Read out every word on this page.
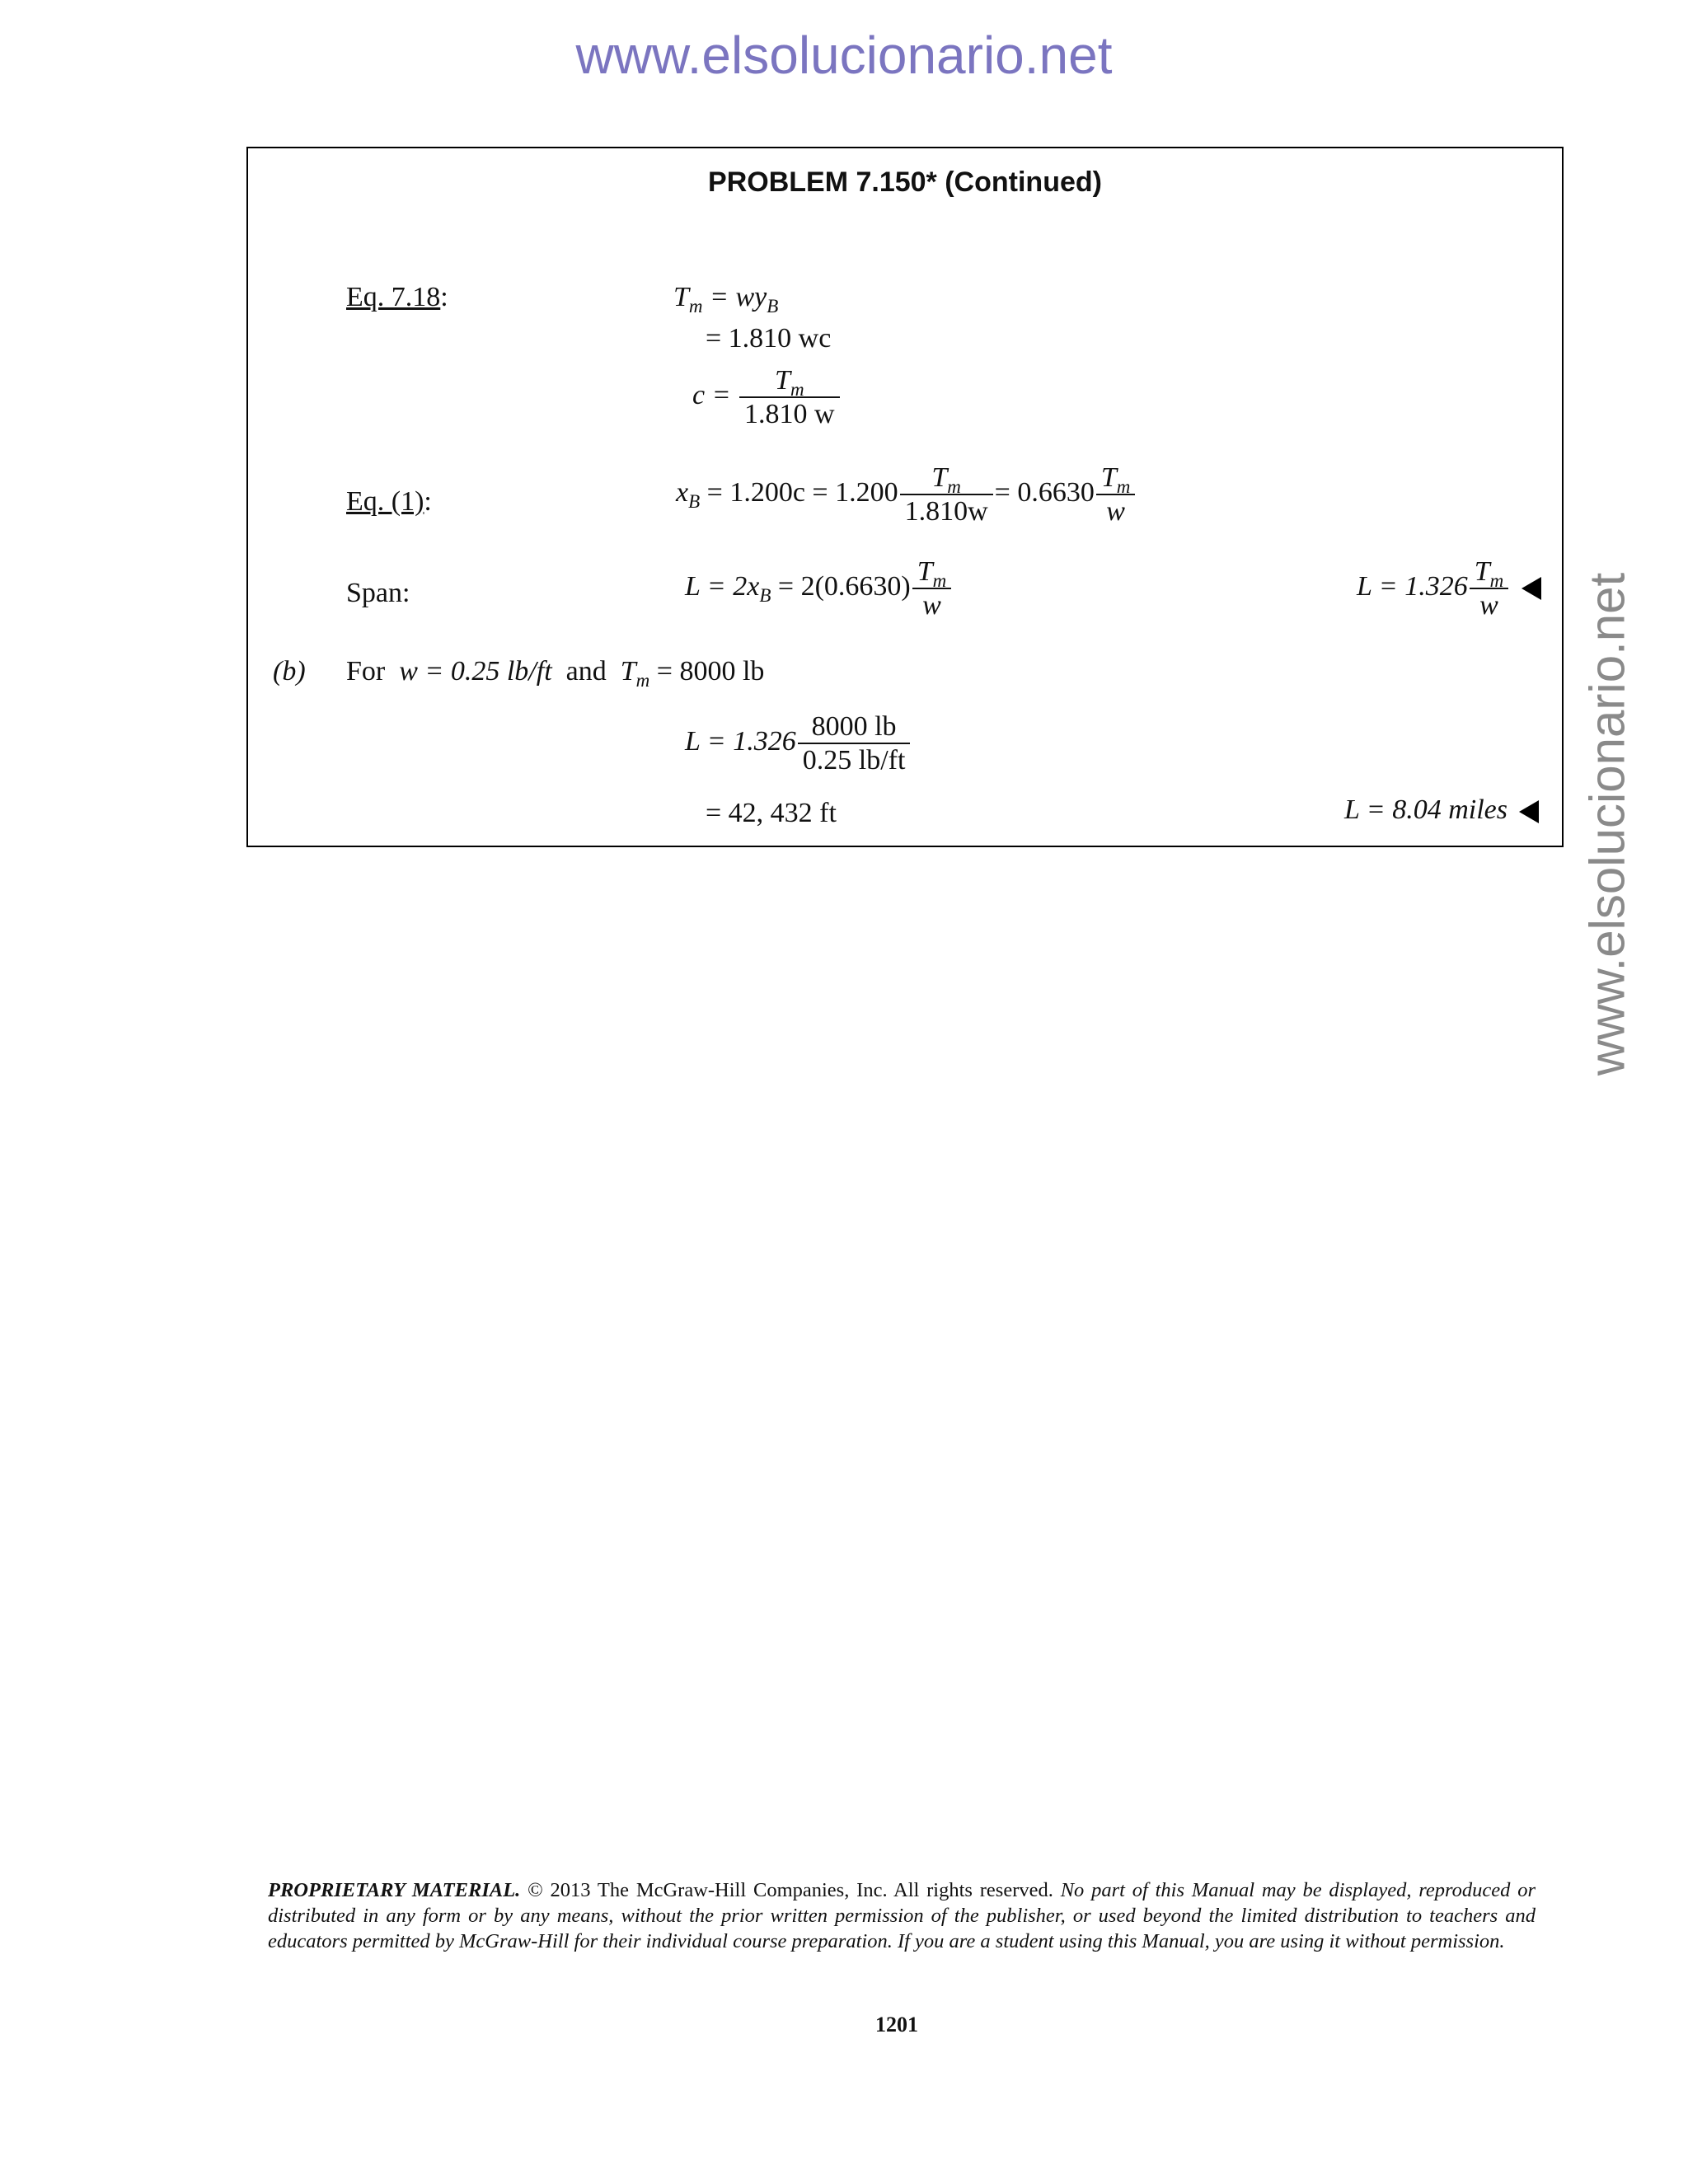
www.elsolucionario.net
www.elsolucionario.net
PROBLEM 7.150* (Continued)
Eq. 7.18:	$T_m = wy_B$
= 1.810 wc
$c = \frac{T_m}{1.810 w}$
Eq. (1):	$x_B = 1.200c = 1.200 \frac{T_m}{1.810w} = 0.6630 \frac{T_m}{w}$
Span:	$L = 2x_B = 2(0.6630) \frac{T_m}{w}$	$L = 1.326 \frac{T_m}{w}$
(b) For w = 0.25 lb/ft and $T_m = 8000$ lb
$L = 1.326 \frac{8000 lb}{0.25 lb/ft}$
= 42, 432 ft	L = 8.04 miles
PROPRIETARY MATERIAL. © 2013 The McGraw-Hill Companies, Inc. All rights reserved. No part of this Manual may be displayed, reproduced or distributed in any form or by any means, without the prior written permission of the publisher, or used beyond the limited distribution to teachers and educators permitted by McGraw-Hill for their individual course preparation. If you are a student using this Manual, you are using it without permission.
1201
